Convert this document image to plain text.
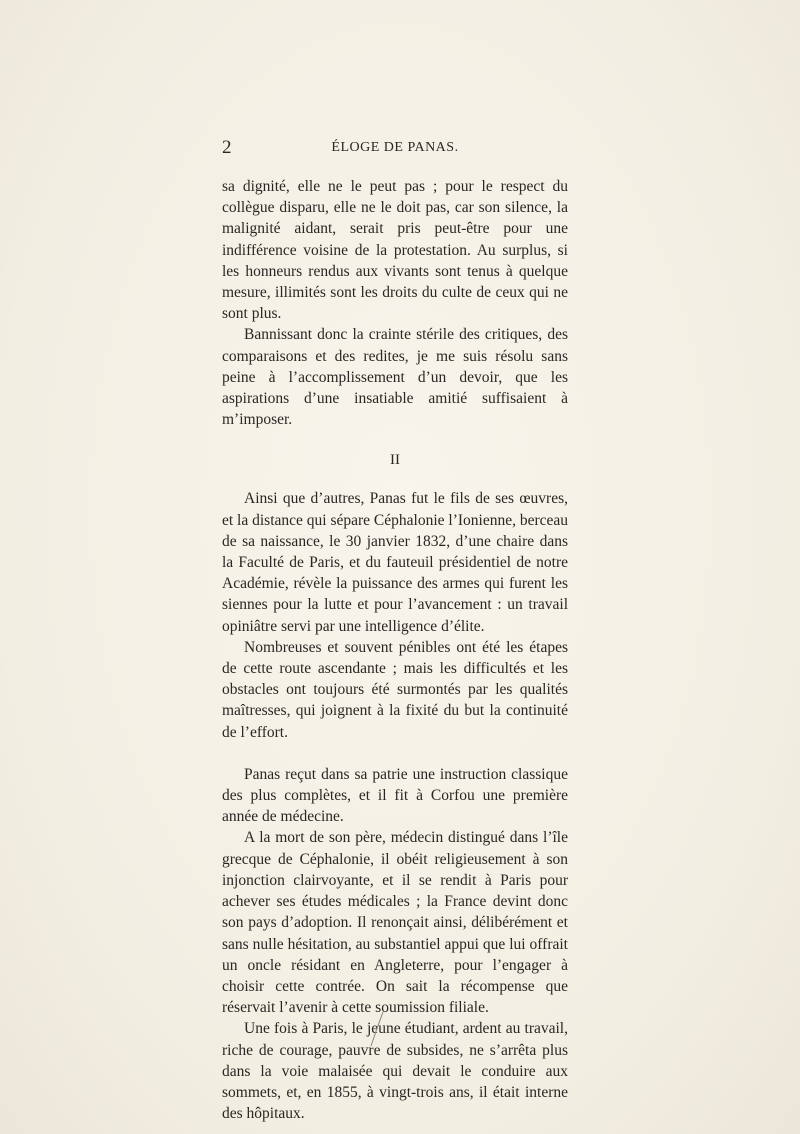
2	ÉLOGE DE PANAS.

sa dignité, elle ne le peut pas ; pour le respect du collègue disparu, elle ne le doit pas, car son silence, la malignité aidant, serait pris peut-être pour une indifférence voisine de la protestation. Au surplus, si les honneurs rendus aux vivants sont tenus à quelque mesure, illimités sont les droits du culte de ceux qui ne sont plus.

Bannissant donc la crainte stérile des critiques, des comparaisons et des redites, je me suis résolu sans peine à l’accomplissement d’un devoir, que les aspirations d’une insatiable amitié suffisaient à m’imposer.

II

Ainsi que d’autres, Panas fut le fils de ses œuvres, et la distance qui sépare Céphalonie l’Ionienne, berceau de sa naissance, le 30 janvier 1832, d’une chaire dans la Faculté de Paris, et du fauteuil présidentiel de notre Académie, révèle la puissance des armes qui furent les siennes pour la lutte et pour l’avancement : un travail opiniâtre servi par une intelligence d’élite.

Nombreuses et souvent pénibles ont été les étapes de cette route ascendante ; mais les difficultés et les obstacles ont toujours été surmontés par les qualités maîtresses, qui joignent à la fixité du but la continuité de l’effort.

Panas reçut dans sa patrie une instruction classique des plus complètes, et il fit à Corfou une première année de médecine.

A la mort de son père, médecin distingué dans l’île grecque de Céphalonie, il obéit religieusement à son injonction clairvoyante, et il se rendit à Paris pour achever ses études médicales ; la France devint donc son pays d’adoption. Il renonçait ainsi, délibérément et sans nulle hésitation, au substantiel appui que lui offrait un oncle résidant en Angleterre, pour l’engager à choisir cette contrée. On sait la récompense que réservait l’avenir à cette soumission filiale.

Une fois à Paris, le jeune étudiant, ardent au travail, riche de courage, pauvre de subsides, ne s’arrêta plus dans la voie malaisée qui devait le conduire aux sommets, et, en 1855, à vingt-trois ans, il était interne des hôpitaux.
